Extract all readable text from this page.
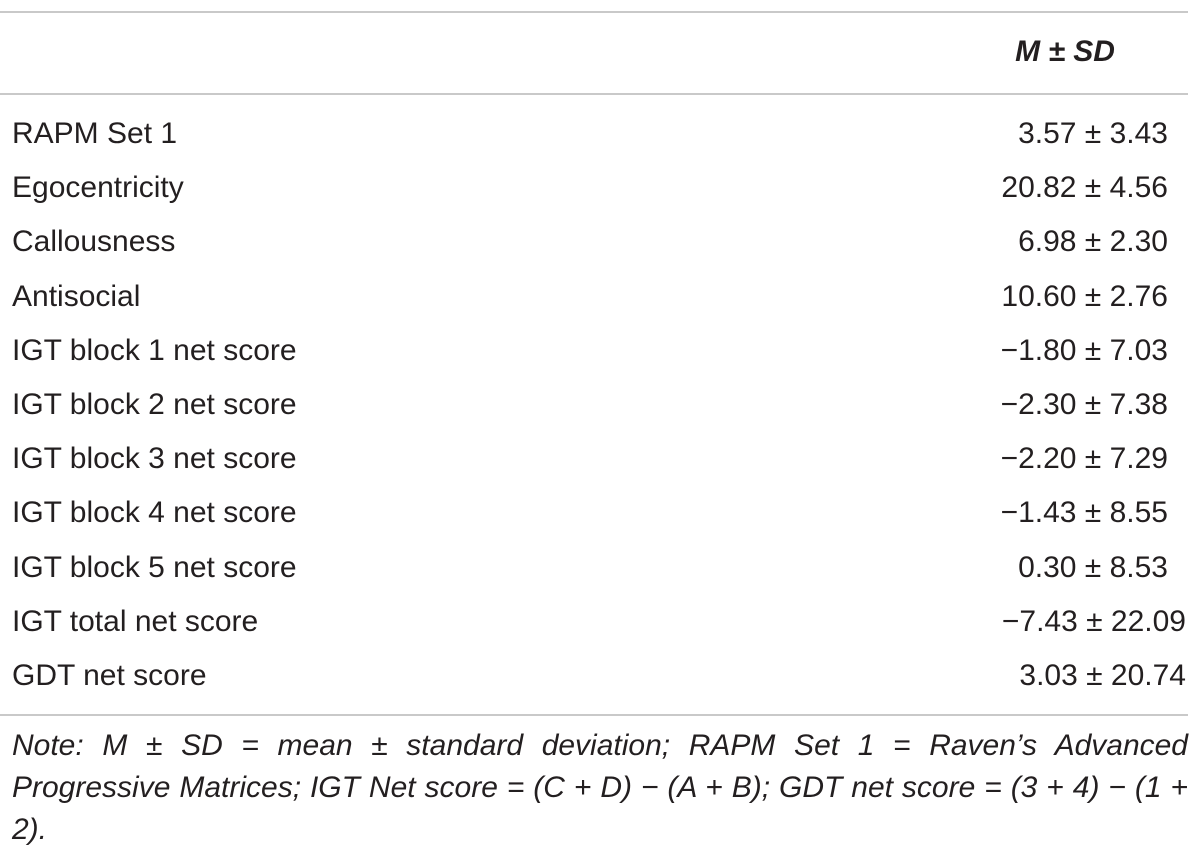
M ± SD
RAPM Set 1	3.57 ± 3.43
Egocentricity	20.82 ± 4.56
Callousness	6.98 ± 2.30
Antisocial	10.60 ± 2.76
IGT block 1 net score	−1.80 ± 7.03
IGT block 2 net score	−2.30 ± 7.38
IGT block 3 net score	−2.20 ± 7.29
IGT block 4 net score	−1.43 ± 8.55
IGT block 5 net score	0.30 ± 8.53
IGT total net score	−7.43 ± 22.09
GDT net score	3.03 ± 20.74
Note: M ± SD = mean ± standard deviation; RAPM Set 1 = Raven’s Advanced Progressive Matrices; IGT Net score = (C + D) − (A + B); GDT net score = (3 + 4) − (1 + 2).
